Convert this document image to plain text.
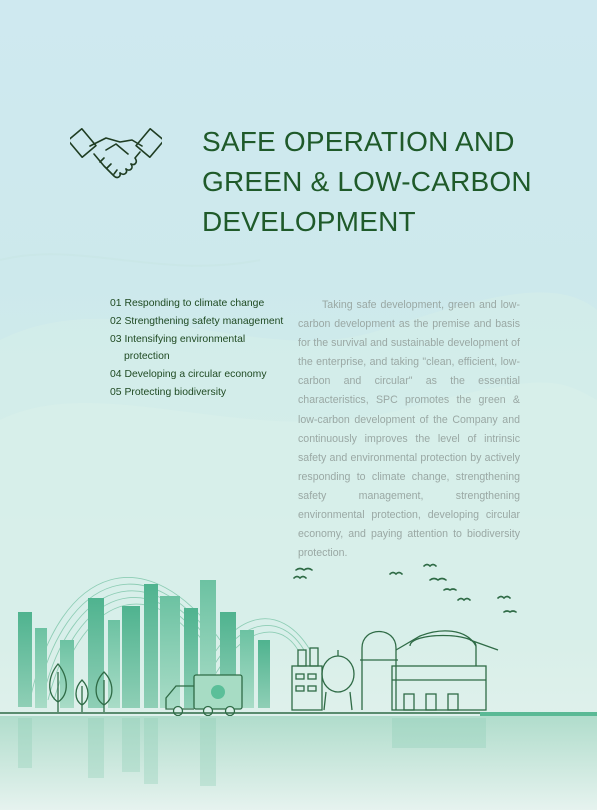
SAFE OPERATION AND
GREEN & LOW-CARBON
DEVELOPMENT
01 Responding to climate change
02 Strengthening safety management
03 Intensifying environmental
protection
04 Developing a circular economy
05 Protecting biodiversity
Taking safe development, green and low-carbon development as the premise and basis for the survival and sustainable development of the enterprise, and taking "clean, efficient, low-carbon and circular" as the essential characteristics, SPC promotes the green & low-carbon development of the Company and continuously improves the level of intrinsic safety and environmental protection by actively responding to climate change, strengthening safety management, strengthening environmental protection, developing circular economy, and paying attention to biodiversity protection.
